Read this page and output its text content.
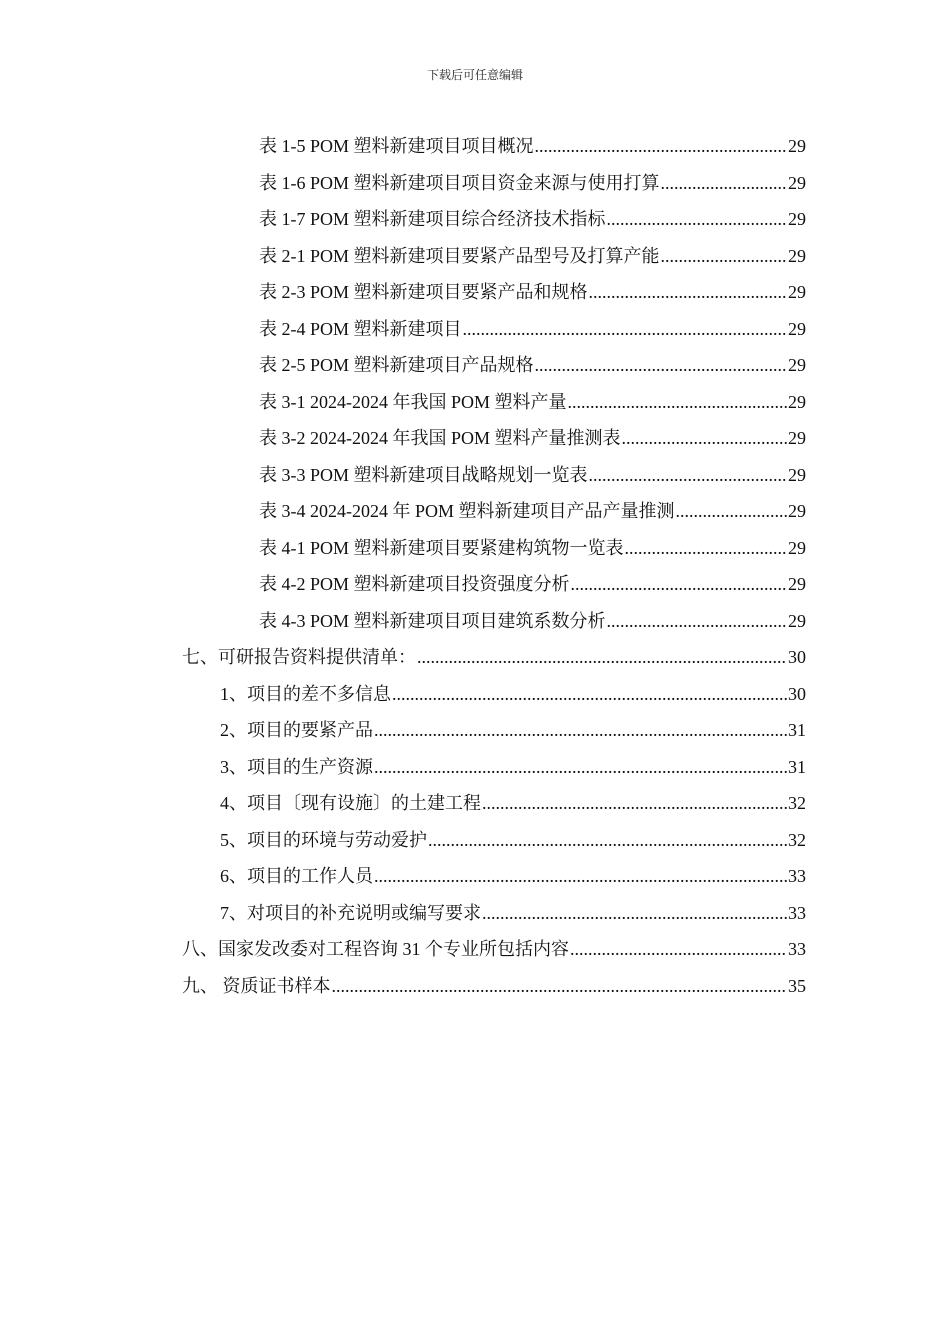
下载后可任意编辑
表 1-5 POM 塑料新建项目项目概况 .....	29
表 1-6 POM 塑料新建项目项目资金来源与使用打算 .....	29
表 1-7 POM 塑料新建项目综合经济技术指标 .....	29
表 2-1 POM 塑料新建项目要紧产品型号及打算产能 .....	29
表 2-3 POM 塑料新建项目要紧产品和规格 .....	29
表 2-4 POM 塑料新建项目 .....	29
表 2-5 POM 塑料新建项目产品规格 .....	29
表 3-1 2024-2024 年我国 POM 塑料产量 .....	29
表 3-2 2024-2024 年我国 POM 塑料产量推测表 .....	29
表 3-3 POM 塑料新建项目战略规划一览表 .....	29
表 3-4 2024-2024 年 POM 塑料新建项目产品产量推测 .....	29
表 4-1 POM 塑料新建项目要紧建构筑物一览表 .....	29
表 4-2 POM 塑料新建项目投资强度分析 .....	29
表 4-3 POM 塑料新建项目项目建筑系数分析 .....	29
七、可研报告资料提供清单： .....	30
1、项目的差不多信息 .....	30
2、项目的要紧产品 .....	31
3、项目的生产资源 .....	31
4、项目〔现有设施〕的土建工程 .....	32
5、项目的环境与劳动爱护 .....	32
6、项目的工作人员 .....	33
7、对项目的补充说明或编写要求 .....	33
八、国家发改委对工程咨询 31 个专业所包括内容 .....	33
九、 资质证书样本 .....	35
